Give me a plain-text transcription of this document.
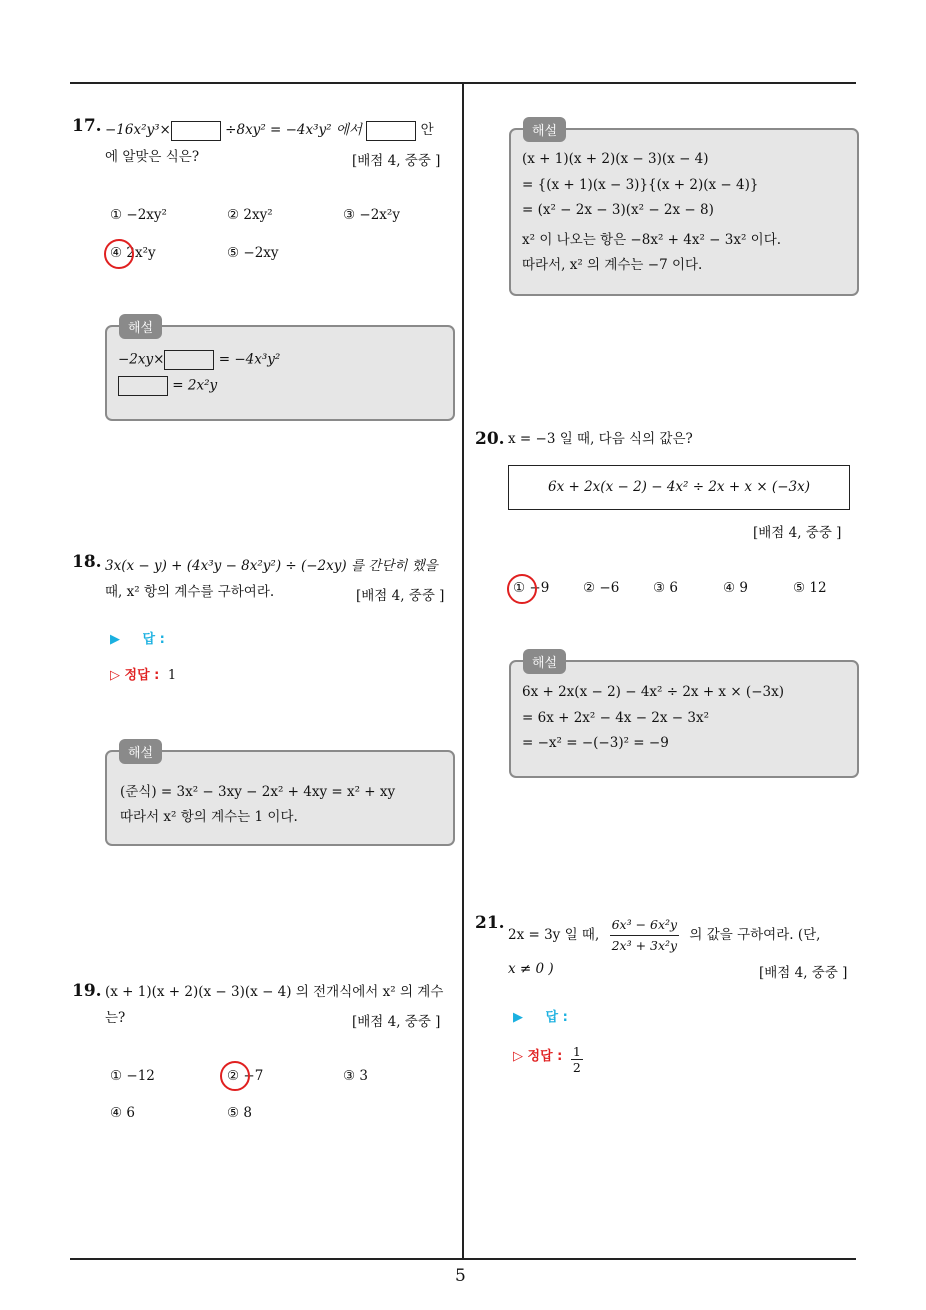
5
17. −16x²y³×	÷8xy² = −4x³y² 에서	안
에 알맞은 식은?	[배점 4, 중중 ]
① −2xy²	② 2xy²	③ −2x²y
④ 2x²y	⑤ −2xy
해설
−2xy×	= −4x³y²
= 2x²y
18. 3x(x − y) + (4x³y − 8x²y²) ÷ (−2xy) 를 간단히 했을
때, x² 항의 계수를 구하여라.	[배점 4, 중중 ]
▶ 답 :
▷ 정답 : 1
해설
(준식) = 3x² − 3xy − 2x² + 4xy = x² + xy
따라서 x² 항의 계수는 1 이다.
19. (x + 1)(x + 2)(x − 3)(x − 4) 의 전개식에서 x² 의 계수
는?	[배점 4, 중중 ]
① −12	② −7	③ 3
④ 6	⑤ 8
해설
(x + 1)(x + 2)(x − 3)(x − 4)
= {(x + 1)(x − 3)}{(x + 2)(x − 4)}
= (x² − 2x − 3)(x² − 2x − 8)
x² 이 나오는 항은 −8x² + 4x² − 3x² 이다.
따라서, x² 의 계수는 −7 이다.
20. x = −3 일 때, 다음 식의 값은?
6x + 2x(x − 2) − 4x² ÷ 2x + x × (−3x)
[배점 4, 중중 ]
① −9 ② −6 ③ 6	④ 9	⑤ 12
해설
6x + 2x(x − 2) − 4x² ÷ 2x + x × (−3x)
= 6x + 2x² − 4x − 2x − 3x²
= −x² = −(−3)² = −9
21.
2x = 3y 일 때, $\frac{\text{6x³ − 6x²y}}{\text{2x³ + 3x²y}}$ 의 값을 구하여라. (단,
x ≠ 0 )	[배점 4, 중중 ]
▶ 답 :
▷ 정답 : $\frac{1}{2}$
